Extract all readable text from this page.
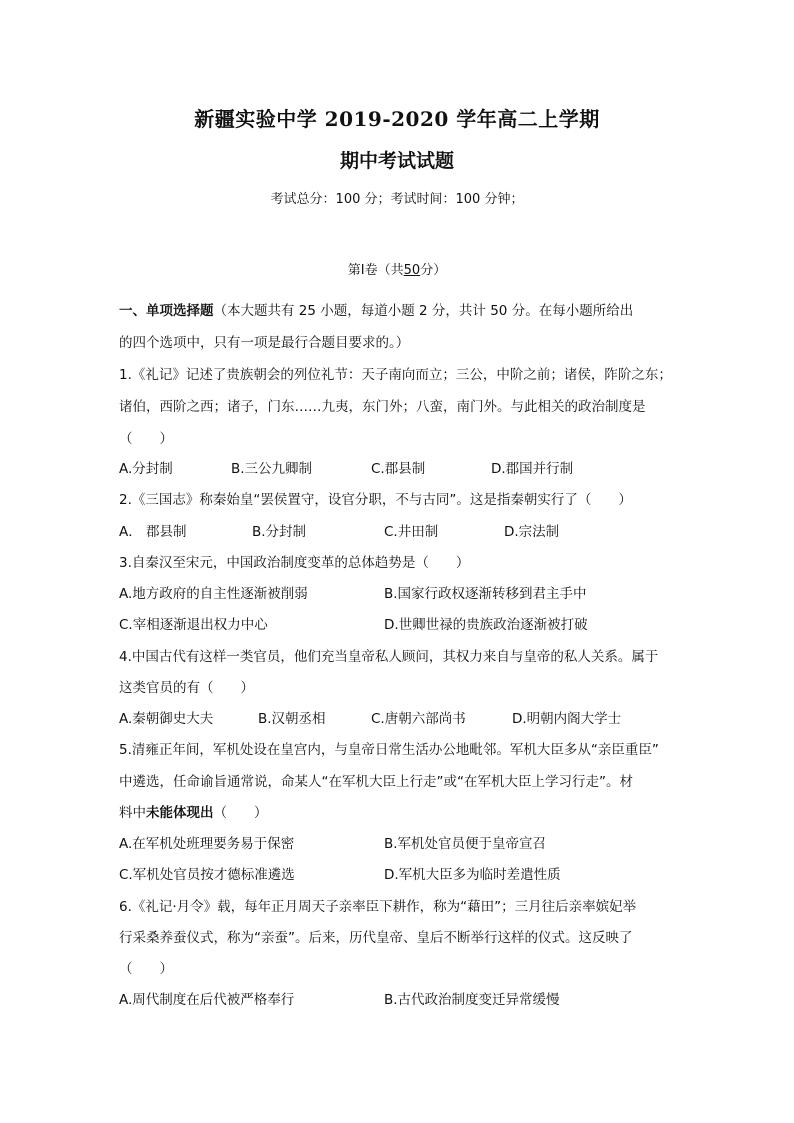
新疆实验中学 2019-2020 学年高二上学期
期中考试试题
考试总分：100 分；考试时间：100 分钟；
第Ⅰ卷（共50分）
一、单项选择题（本大题共有 25 小题，每道小题 2 分，共计 50 分。在每小题所给出
的四个选项中，只有一项是最行合题目要求的。）
1.《礼记》记述了贵族朝会的列位礼节：天子南向而立；三公，中阶之前；诸侯，阼阶之东；
诸伯，西阶之西；诸子，门东……九夷，东门外；八蛮，南门外。与此相关的政治制度是
（　　）
A.分封制	B.三公九卿制	C.郡县制	D.郡国并行制
2.《三国志》称秦始皇“罢侯置守，设官分职，不与古同”。这是指秦朝实行了（　　）
A． 郡县制	B.分封制	C.井田制	D.宗法制
3.自秦汉至宋元，中国政治制度变革的总体趋势是（　　）
A.地方政府的自主性逐渐被削弱	B.国家行政权逐渐转移到君主手中
C.宰相逐渐退出权力中心	D.世卿世禄的贵族政治逐渐被打破
4.中国古代有这样一类官员，他们充当皇帝私人顾问，其权力来自与皇帝的私人关系。属于
这类官员的有（　　）
A.秦朝御史大夫	B.汉朝丞相	C.唐朝六部尚书	D.明朝内阁大学士
5.清雍正年间，军机处设在皇宫内，与皇帝日常生活办公地毗邻。军机大臣多从“亲臣重臣”
中遴选，任命谕旨通常说，命某人“在军机大臣上行走”或“在军机大臣上学习行走”。材
料中未能体现出（　　）
A.在军机处班理要务易于保密	B.军机处官员便于皇帝宣召
C.军机处官员按才德标准遴选	D.军机大臣多为临时差遣性质
6.《礼记·月令》载，每年正月周天子亲率臣下耕作，称为“藉田”；三月往后亲率嫔妃举
行采桑养蚕仪式，称为“亲蚕”。后来，历代皇帝、皇后不断举行这样的仪式。这反映了
（　　）
A.周代制度在后代被严格奉行	B.古代政治制度变迁异常缓慢
